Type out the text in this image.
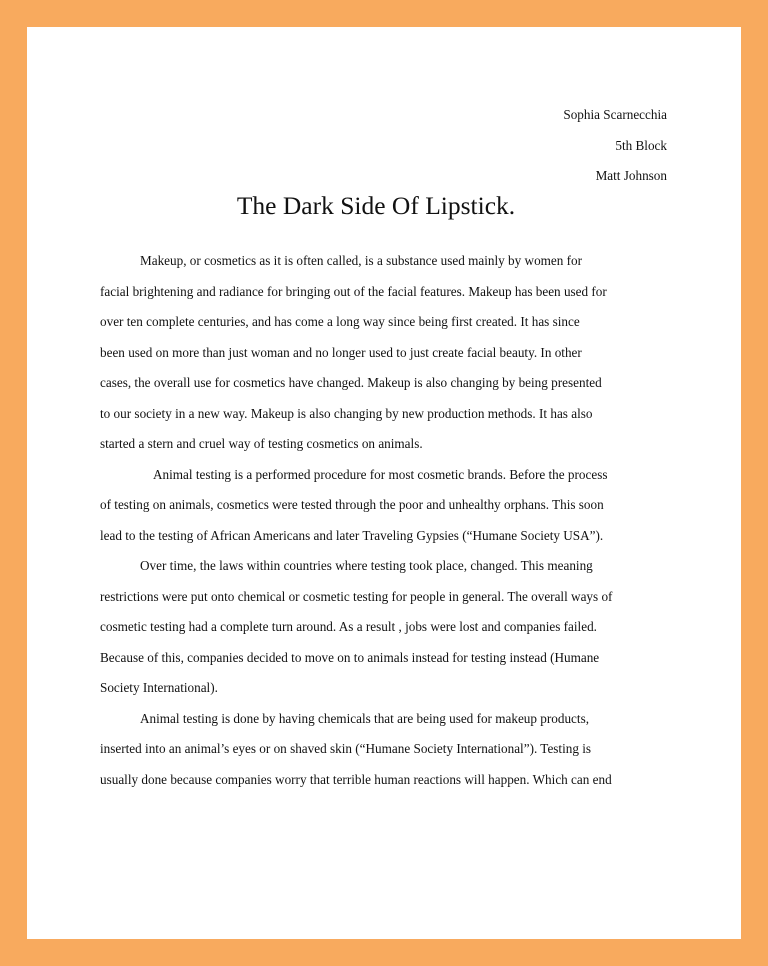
Sophia Scarnecchia
5th Block
Matt Johnson
The Dark Side Of Lipstick.
Makeup, or cosmetics as it is often called, is a substance used mainly by women for
facial brightening and radiance for bringing out of the facial features. Makeup has been used for
over ten complete centuries, and has come a long way since being first created. It has since
been used on more than just woman and no longer used to just create facial beauty. In other
cases, the overall use for cosmetics have changed. Makeup is also changing by being presented
to our society in a new way. Makeup is also changing by new production methods. It has also
started a stern and cruel way of testing cosmetics on animals.
Animal testing is a performed procedure for most cosmetic brands. Before the process
of testing on animals, cosmetics were tested through the poor and unhealthy orphans. This soon
lead to the testing of African Americans and later Traveling Gypsies (“Humane Society USA”).
Over time, the laws within countries where testing took place, changed. This meaning
restrictions were put onto chemical or cosmetic testing for people in general. The overall ways of
cosmetic testing had a complete turn around. As a result , jobs were lost and companies failed.
Because of this, companies decided to move on to animals instead for testing instead (Humane
Society International).
Animal testing is done by having chemicals that are being used for makeup products,
inserted into an animal’s eyes or on shaved skin (“Humane Society International”). Testing is
usually done because companies worry that terrible human reactions will happen. Which can end
